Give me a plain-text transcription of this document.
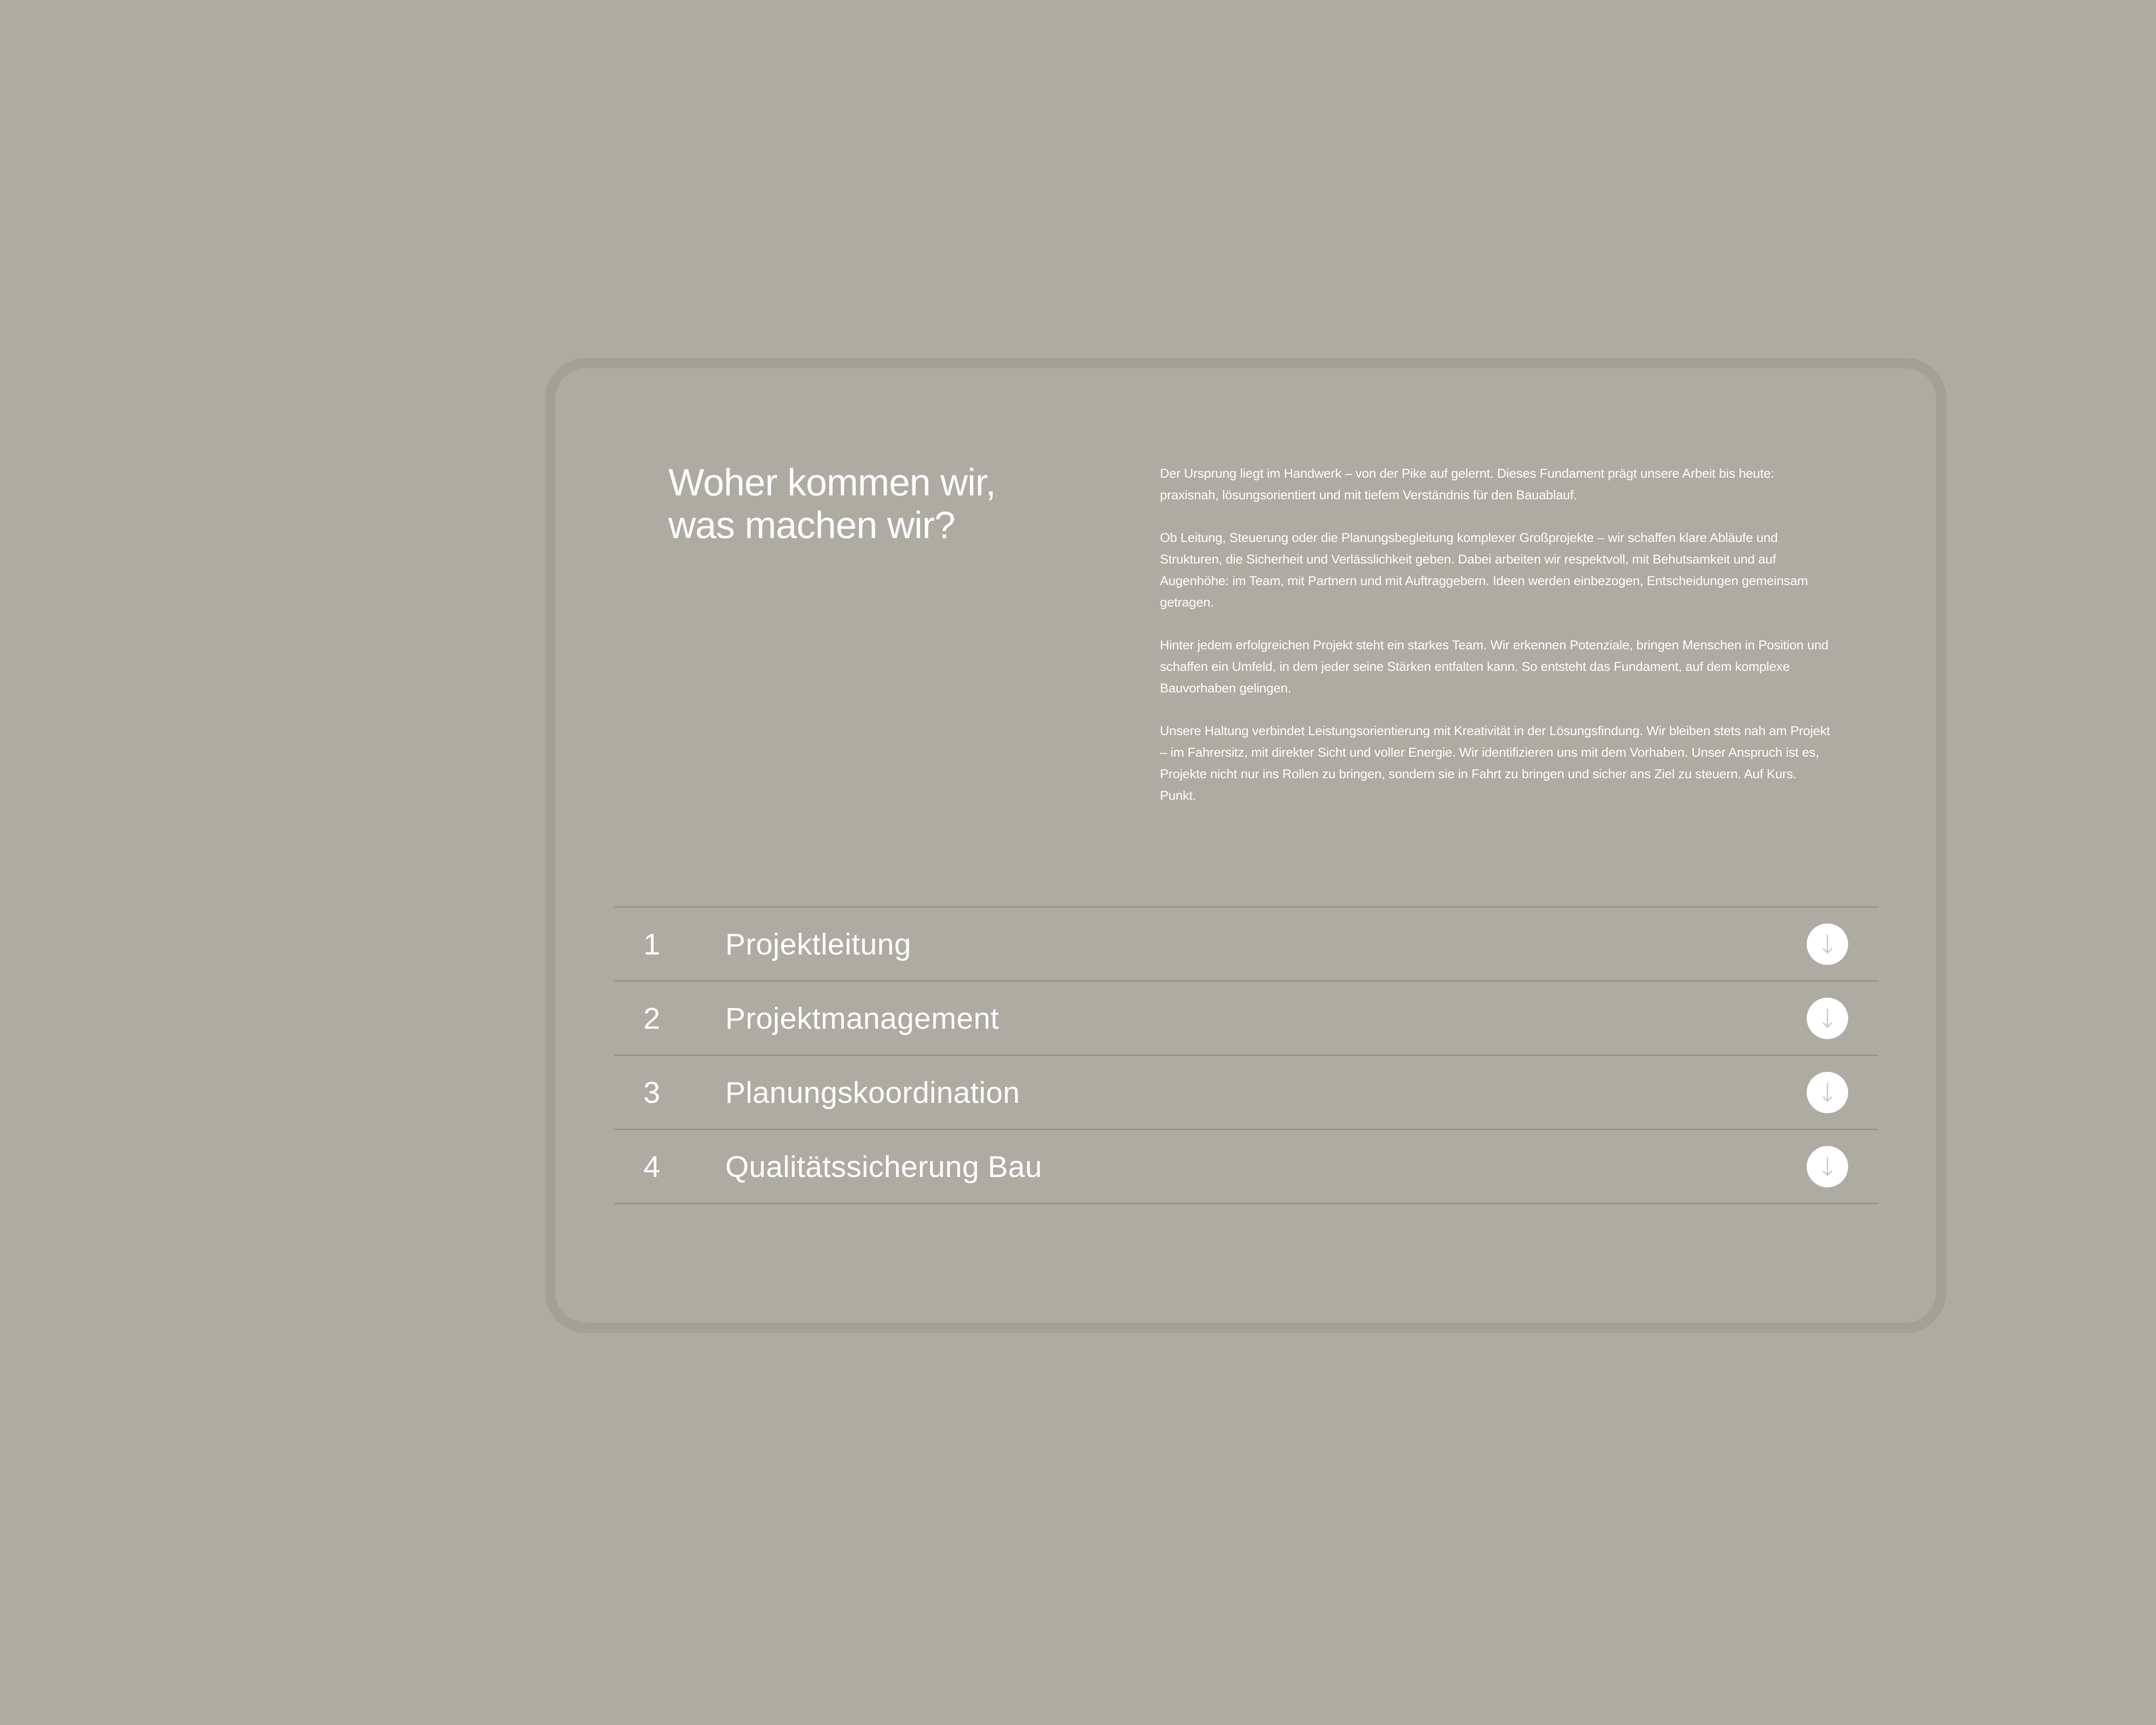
Woher kommen wir,
was machen wir?

Der Ursprung liegt im Handwerk – von der Pike auf gelernt. Dieses Fundament prägt unsere Arbeit bis heute: praxisnah, lösungsorientiert und mit tiefem Verständnis für den Bauablauf.

Ob Leitung, Steuerung oder die Planungsbegleitung komplexer Großprojekte – wir schaffen klare Abläufe und Strukturen, die Sicherheit und Verlässlichkeit geben. Dabei arbeiten wir respektvoll, mit Behutsamkeit und auf Augenhöhe: im Team, mit Partnern und mit Auftraggebern. Ideen werden einbezogen, Entscheidungen gemeinsam getragen.

Hinter jedem erfolgreichen Projekt steht ein starkes Team. Wir erkennen Potenziale, bringen Menschen in Position und schaffen ein Umfeld, in dem jeder seine Stärken entfalten kann. So entsteht das Fundament, auf dem komplexe Bauvorhaben gelingen.

Unsere Haltung verbindet Leistungsorientierung mit Kreativität in der Lösungsfindung. Wir bleiben stets nah am Projekt – im Fahrersitz, mit direkter Sicht und voller Energie. Wir identifizieren uns mit dem Vorhaben. Unser Anspruch ist es, Projekte nicht nur ins Rollen zu bringen, sondern sie in Fahrt zu bringen und sicher ans Ziel zu steuern. Auf Kurs. Punkt.

1 Projektleitung
2 Projektmanagement
3 Planungskoordination
4 Qualitätssicherung Bau
